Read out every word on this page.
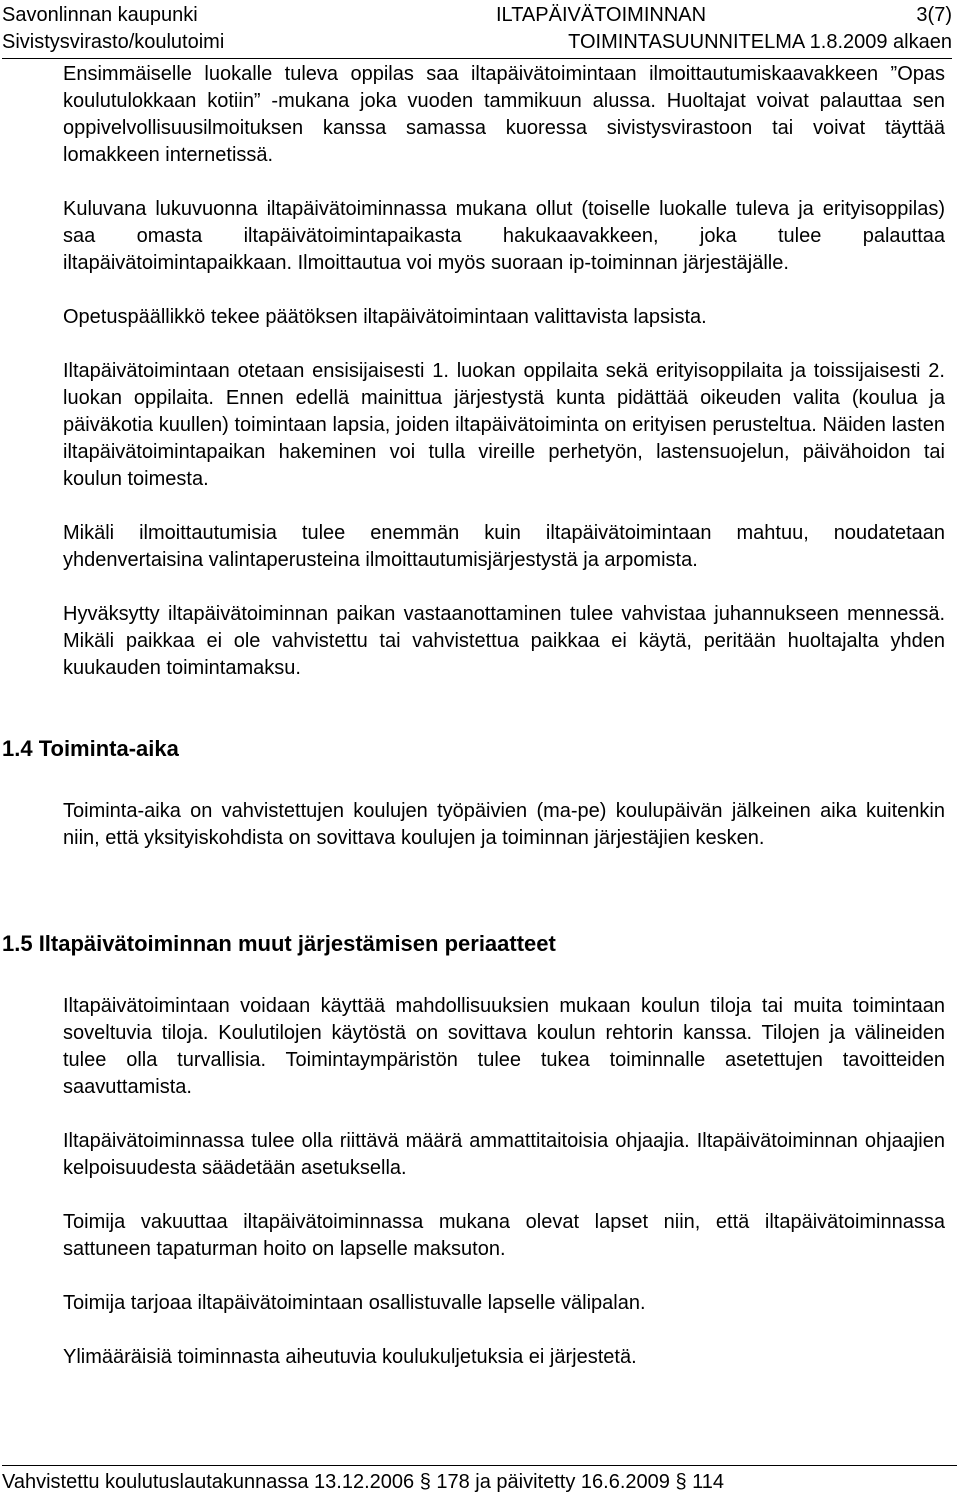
Savonlinnan kaupunki	ILTAPÄIVÄTOIMINNAN	3(7)
Sivistysvirasto/koulutoimi	TOIMINTASUUNNITELMA 1.8.2009 alkaen

Ensimmäiselle luokalle tuleva oppilas saa iltapäivätoimintaan ilmoittautumiskaavakkeen ”Opas koulutulokkaan kotiin” -mukana joka vuoden tammikuun alussa. Huoltajat voivat palauttaa sen oppivelvollisuusilmoituksen kanssa samassa kuoressa sivistysvirastoon tai voivat täyttää lomakkeen internetissä.

Kuluvana lukuvuonna iltapäivätoiminnassa mukana ollut (toiselle luokalle tuleva ja erityisoppilas) saa omasta iltapäivätoimintapaikasta hakukaavakkeen, joka tulee palauttaa iltapäivätoimintapaikkaan. Ilmoittautua voi myös suoraan ip-toiminnan järjestäjälle.

Opetuspäällikkö tekee päätöksen iltapäivätoimintaan valittavista lapsista.

Iltapäivätoimintaan otetaan ensisijaisesti 1. luokan oppilaita sekä erityisoppilaita ja toissijaisesti 2. luokan oppilaita. Ennen edellä mainittua järjestystä kunta pidättää oikeuden valita (koulua ja päiväkotia kuullen) toimintaan lapsia, joiden iltapäivätoiminta on erityisen perusteltua. Näiden lasten iltapäivätoimintapaikan hakeminen voi tulla vireille perhetyön, lastensuojelun, päivähoidon tai koulun toimesta.

Mikäli ilmoittautumisia tulee enemmän kuin iltapäivätoimintaan mahtuu, noudatetaan yhdenvertaisina valintaperusteina ilmoittautumisjärjestystä ja arpomista.

Hyväksytty iltapäivätoiminnan paikan vastaanottaminen tulee vahvistaa juhannukseen mennessä. Mikäli paikkaa ei ole vahvistettu tai vahvistettua paikkaa ei käytä, peritään huoltajalta yhden kuukauden toimintamaksu.

1.4 Toiminta-aika

Toiminta-aika on vahvistettujen koulujen työpäivien (ma-pe) koulupäivän jälkeinen aika kuitenkin niin, että yksityiskohdista on sovittava koulujen ja toiminnan järjestäjien kesken.

1.5 Iltapäivätoiminnan muut järjestämisen periaatteet

Iltapäivätoimintaan voidaan käyttää mahdollisuuksien mukaan koulun tiloja tai muita toimintaan soveltuvia tiloja. Koulutilojen käytöstä on sovittava koulun rehtorin kanssa. Tilojen ja välineiden tulee olla turvallisia. Toimintaympäristön tulee tukea toiminnalle asetettujen tavoitteiden saavuttamista.

Iltapäivätoiminnassa tulee olla riittävä määrä ammattitaitoisia ohjaajia. Iltapäivätoiminnan ohjaajien kelpoisuudesta säädetään asetuksella.

Toimija vakuuttaa iltapäivätoiminnassa mukana olevat lapset niin, että iltapäivätoiminnassa sattuneen tapaturman hoito on lapselle maksuton.

Toimija tarjoaa iltapäivätoimintaan osallistuvalle lapselle välipalan.

Ylimääräisiä toiminnasta aiheutuvia koulukuljetuksia ei järjestetä.

Vahvistettu koulutuslautakunnassa 13.12.2006 § 178 ja päivitetty 16.6.2009 § 114
